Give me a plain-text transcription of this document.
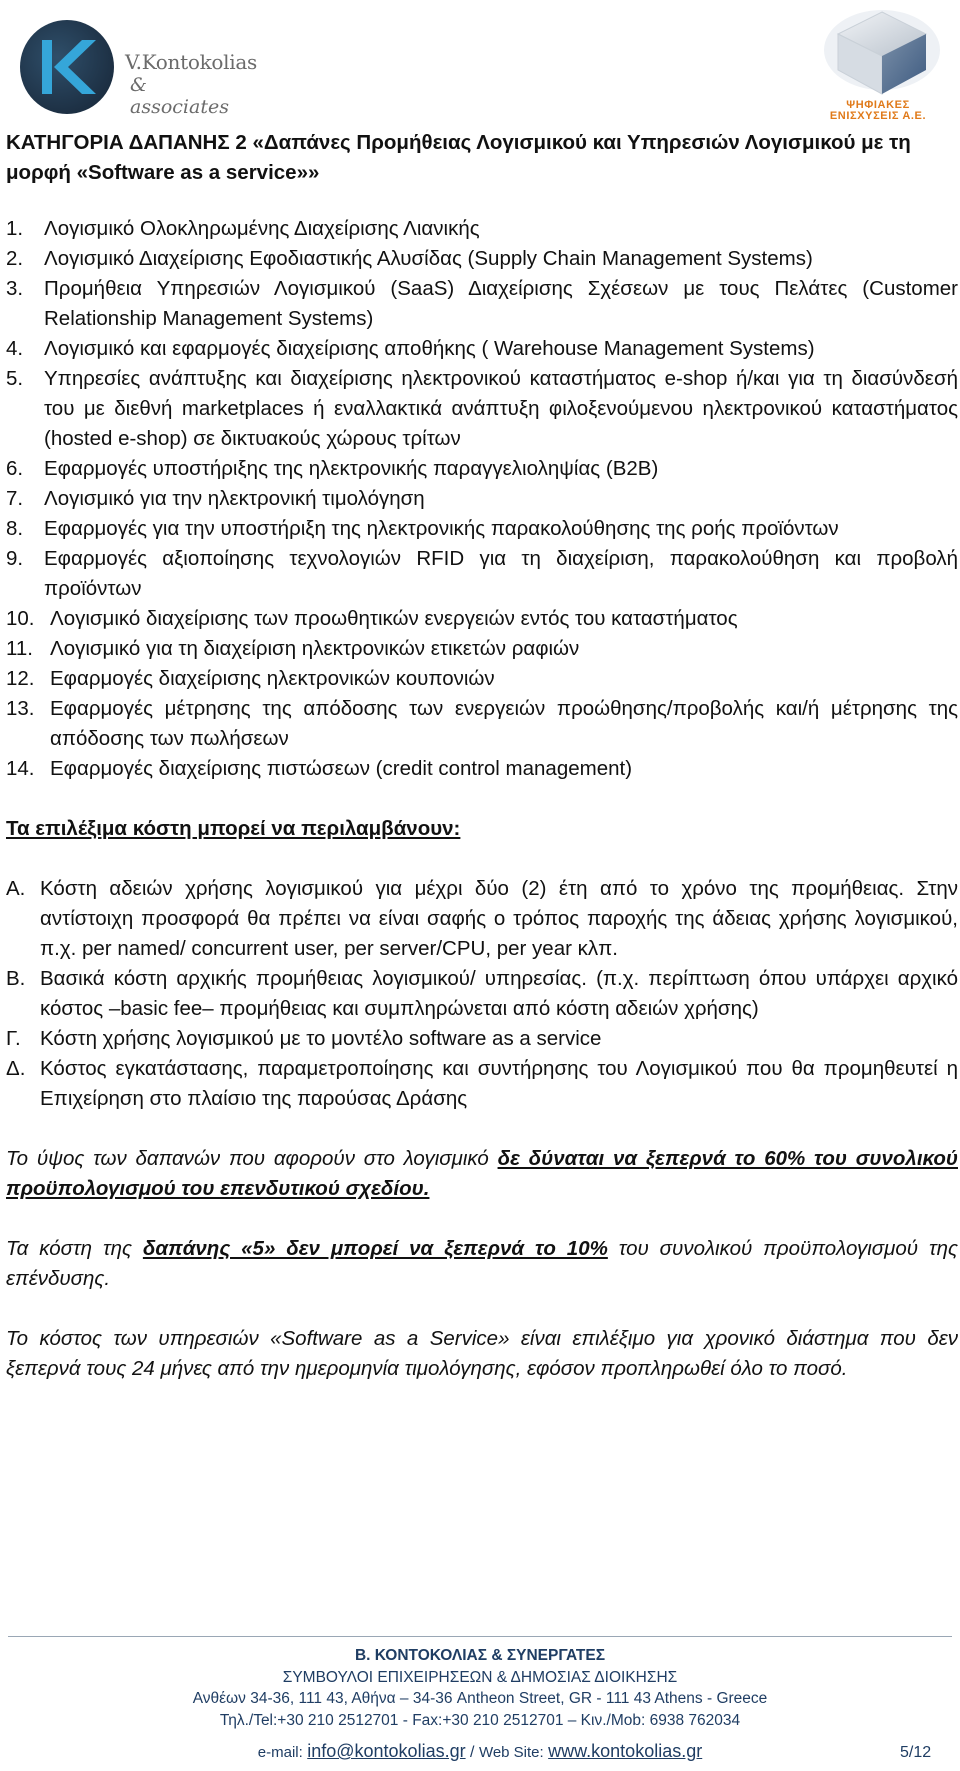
V.Kontokolias
& associates	ΨΗΦΙΑΚΕΣ
ΕΝΙΣΧΥΣΕΙΣ Α.Ε.

ΚΑΤΗΓΟΡΙΑ ΔΑΠΑΝΗΣ 2 «Δαπάνες Προμήθειας Λογισμικού και Υπηρεσιών Λογισμικού με τη μορφή «Software as a service»»

1.	Λογισμικό Ολοκληρωμένης Διαχείρισης Λιανικής
2.	Λογισμικό Διαχείρισης Εφοδιαστικής Αλυσίδας (Supply Chain Management Systems)
3.	Προμήθεια Υπηρεσιών Λογισμικού (SaaS) Διαχείρισης Σχέσεων με τους Πελάτες (Customer Relationship Management Systems)
4.	Λογισμικό και εφαρμογές διαχείρισης αποθήκης ( Warehouse Management Systems)
5.	Υπηρεσίες ανάπτυξης και διαχείρισης ηλεκτρονικού καταστήματος e-shop ή/και για τη διασύνδεσή του με διεθνή marketplaces ή εναλλακτικά ανάπτυξη φιλοξενούμενου ηλεκτρονικού καταστήματος (hosted e-shop) σε δικτυακούς χώρους τρίτων
6.	Εφαρμογές υποστήριξης της ηλεκτρονικής παραγγελιοληψίας (B2B)
7.	Λογισμικό για την ηλεκτρονική τιμολόγηση
8.	Εφαρμογές για την υποστήριξη της ηλεκτρονικής παρακολούθησης της ροής προϊόντων
9.	Εφαρμογές αξιοποίησης τεχνολογιών RFID για τη διαχείριση, παρακολούθηση και προβολή προϊόντων
10. Λογισμικό διαχείρισης των προωθητικών ενεργειών εντός του καταστήματος
11. Λογισμικό για τη διαχείριση ηλεκτρονικών ετικετών ραφιών
12. Εφαρμογές διαχείρισης ηλεκτρονικών κουπονιών
13. Εφαρμογές μέτρησης της απόδοσης των ενεργειών προώθησης/προβολής και/ή μέτρησης της απόδοσης των πωλήσεων
14. Εφαρμογές διαχείρισης πιστώσεων (credit control management)

Τα επιλέξιμα κόστη μπορεί να περιλαμβάνουν:

Α. Κόστη αδειών χρήσης λογισμικού για μέχρι δύο (2) έτη από το χρόνο της προμήθειας. Στην αντίστοιχη προσφορά θα πρέπει να είναι σαφής ο τρόπος παροχής της άδειας χρήσης λογισμικού, π.χ. per named/ concurrent user, per server/CPU, per year κλπ.
Β. Βασικά κόστη αρχικής προμήθειας λογισμικού/ υπηρεσίας. (π.χ. περίπτωση όπου υπάρχει αρχικό κόστος –basic fee– προμήθειας και συμπληρώνεται από κόστη αδειών χρήσης)
Γ. Κόστη χρήσης λογισμικού με το μοντέλο software as a service
Δ. Κόστος εγκατάστασης, παραμετροποίησης και συντήρησης του Λογισμικού που θα προμηθευτεί η Επιχείρηση στο πλαίσιο της παρούσας Δράσης

Το ύψος των δαπανών που αφορούν στο λογισμικό δε δύναται να ξεπερνά το 60% του συνολικού προϋπολογισμού του επενδυτικού σχεδίου.

Τα κόστη της δαπάνης «5» δεν μπορεί να ξεπερνά το 10% του συνολικού προϋπολογισμού της επένδυσης.

Το κόστος των υπηρεσιών «Software as a Service» είναι επιλέξιμο για χρονικό διάστημα που δεν ξεπερνά τους 24 μήνες από την ημερομηνία τιμολόγησης, εφόσον προπληρωθεί όλο το ποσό.

Β. ΚΟΝΤΟΚΟΛΙΑΣ & ΣΥΝΕΡΓΑΤΕΣ
ΣΥΜΒΟΥΛΟΙ ΕΠΙΧΕΙΡΗΣΕΩΝ & ΔΗΜΟΣΙΑΣ ΔΙΟΙΚΗΣΗΣ
Ανθέων 34-36, 111 43, Αθήνα – 34-36 Antheon Street, GR - 111 43 Athens - Greece
Τηλ./Tel:+30 210 2512701 - Fax:+30 210 2512701 – Κιν./Mob: 6938 762034
e-mail: info@kontokolias.gr / Web Site: www.kontokolias.gr	5/12
